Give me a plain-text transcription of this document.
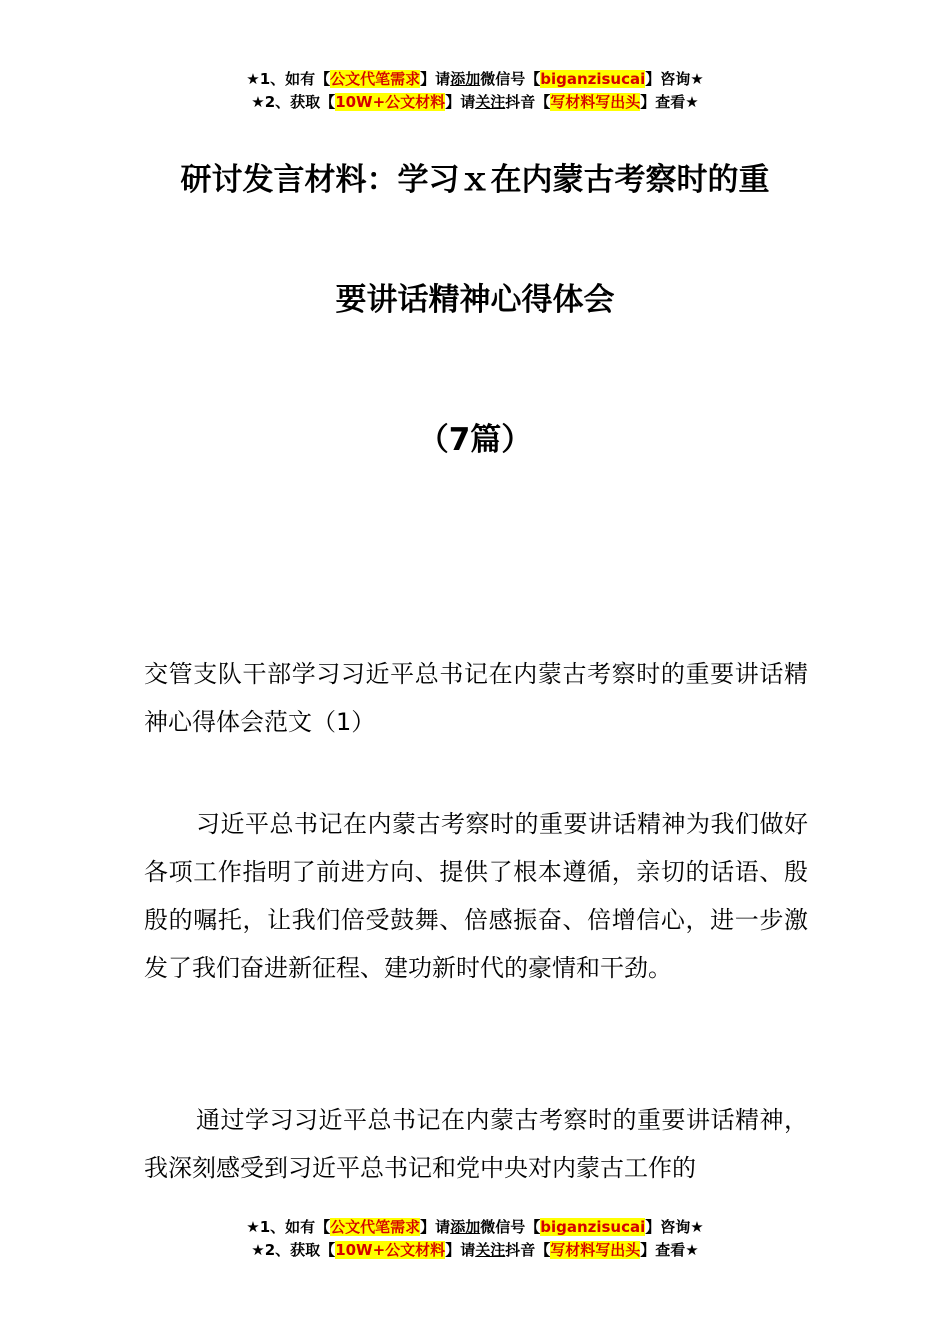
★1、如有【公文代笔需求】请添加微信号【biganzisucai】咨询★
★2、获取【10W+公文材料】请关注抖音【写材料写出头】查看★
研讨发言材料：学习ｘ在内蒙古考察时的重
要讲话精神心得体会
（7篇）

交管支队干部学习习近平总书记在内蒙古考察时的重要讲话精神心得体会范文（1）

习近平总书记在内蒙古考察时的重要讲话精神为我们做好各项工作指明了前进方向、提供了根本遵循，亲切的话语、殷殷的嘱托，让我们倍受鼓舞、倍感振奋、倍增信心，进一步激发了我们奋进新征程、建功新时代的豪情和干劲。

通过学习习近平总书记在内蒙古考察时的重要讲话精神，我深刻感受到习近平总书记和党中央对内蒙古工作的

★1、如有【公文代笔需求】请添加微信号【biganzisucai】咨询★
★2、获取【10W+公文材料】请关注抖音【写材料写出头】查看★
